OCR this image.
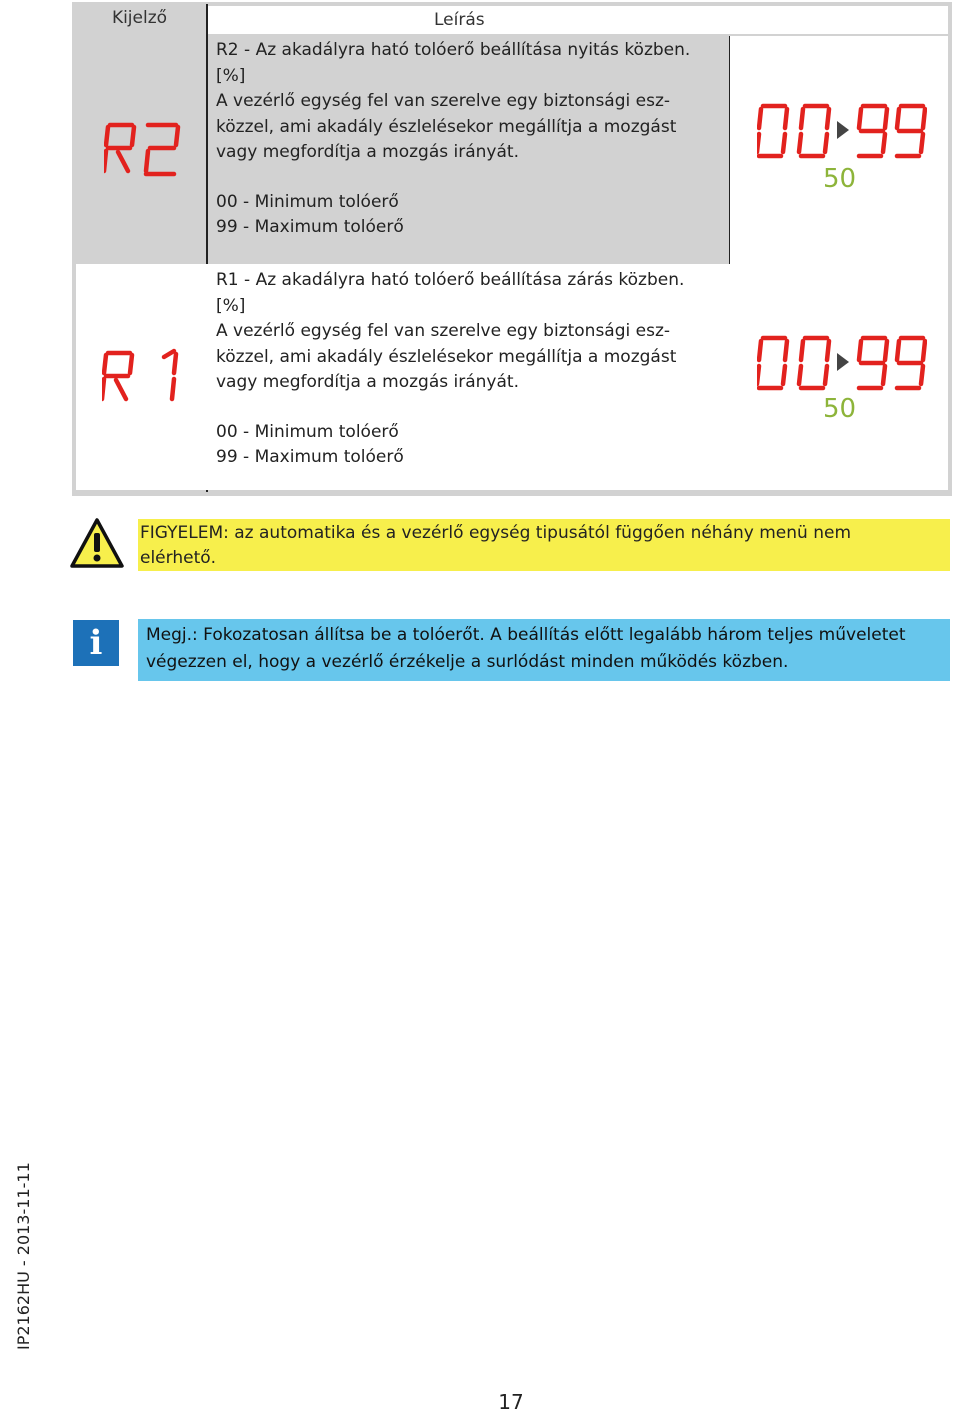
Kijelző	Leírás

R2 - Az akadályra ható tolóerő beállítása nyitás közben.

[%]

A vezérlő egység fel van szerelve egy biztonsági esz-

közzel, ami akadály észlelésekor megállítja a mozgást

vagy megfordítja a mozgás irányát.

00 - Minimum tolóerő

99 - Maximum tolóerő

50

R1 - Az akadályra ható tolóerő beállítása zárás közben.

[%]

A vezérlő egység fel van szerelve egy biztonsági esz-

közzel, ami akadály észlelésekor megállítja a mozgást

vagy megfordítja a mozgás irányát.

00 - Minimum tolóerő

99 - Maximum tolóerő

50
FIGYELEM: az automatika és a vezérlő egység tipusától függően néhány menü nem
elérhető.
i	Megj.: Fokozatosan állítsa be a tolóerőt. A beállítás előtt legalább három teljes műveletet
végezzen el, hogy a vezérlő érzékelje a surlódást minden működés közben.
IP2162HU - 2013-11-11
17
